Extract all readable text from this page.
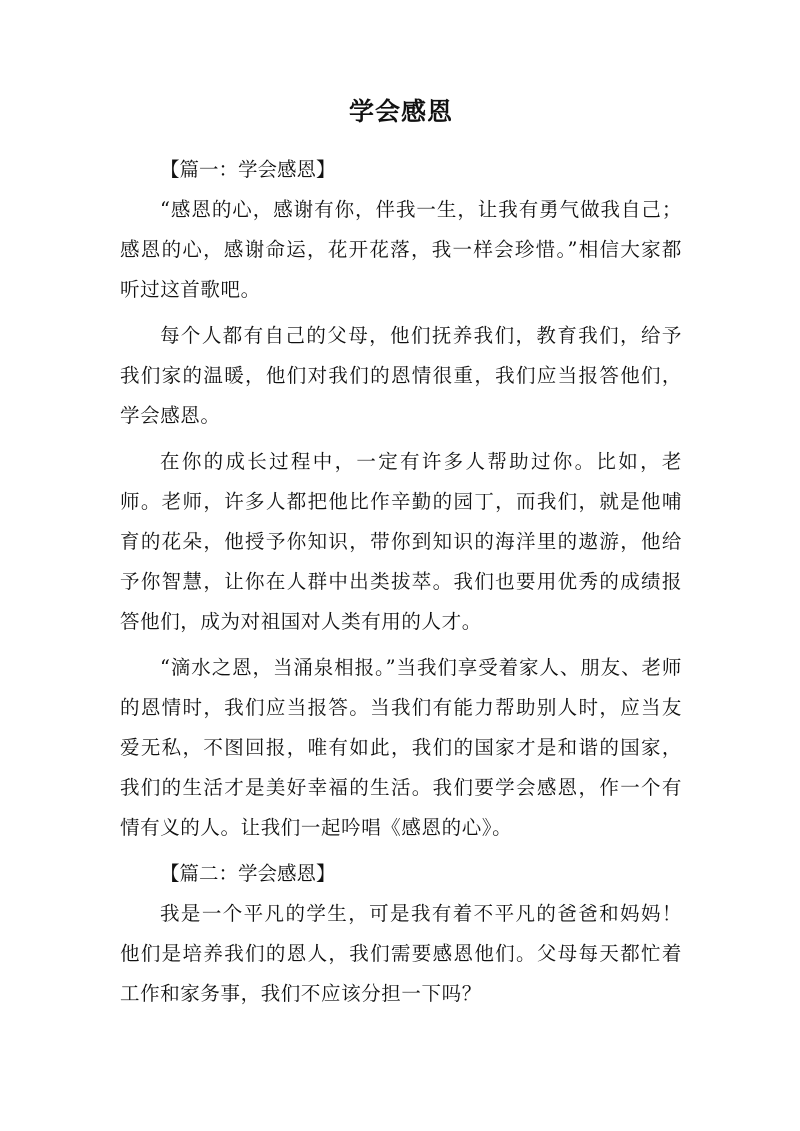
学会感恩

【篇一：学会感恩】

“感恩的心，感谢有你，伴我一生，让我有勇气做我自己；感恩的心，感谢命运，花开花落，我一样会珍惜。”相信大家都听过这首歌吧。

每个人都有自己的父母，他们抚养我们，教育我们，给予我们家的温暖，他们对我们的恩情很重，我们应当报答他们，学会感恩。

在你的成长过程中，一定有许多人帮助过你。比如，老师。老师，许多人都把他比作辛勤的园丁，而我们，就是他哺育的花朵，他授予你知识，带你到知识的海洋里的遨游，他给予你智慧，让你在人群中出类拔萃。我们也要用优秀的成绩报答他们，成为对祖国对人类有用的人才。

“滴水之恩，当涌泉相报。”当我们享受着家人、朋友、老师的恩情时，我们应当报答。当我们有能力帮助别人时，应当友爱无私，不图回报，唯有如此，我们的国家才是和谐的国家，我们的生活才是美好幸福的生活。我们要学会感恩，作一个有情有义的人。让我们一起吟唱《感恩的心》。

【篇二：学会感恩】

我是一个平凡的学生，可是我有着不平凡的爸爸和妈妈！他们是培养我们的恩人，我们需要感恩他们。父母每天都忙着工作和家务事，我们不应该分担一下吗？
